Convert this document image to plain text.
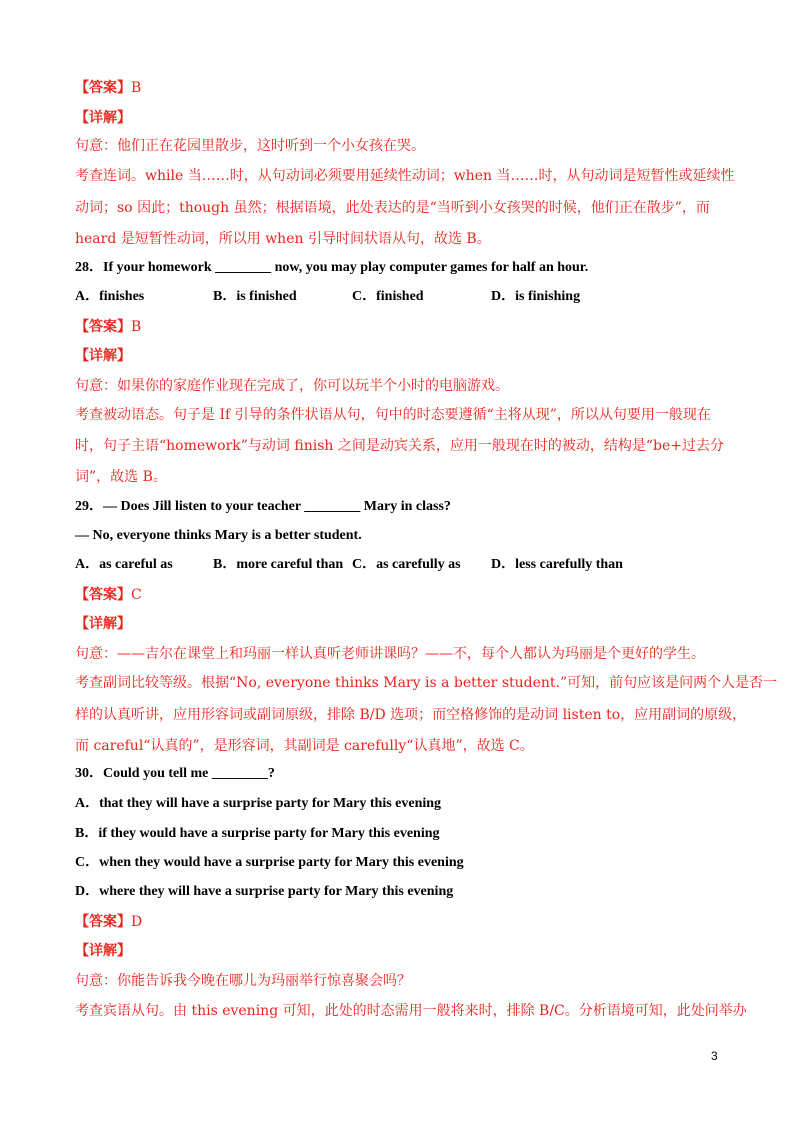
【答案】B
【详解】
句意：他们正在花园里散步，这时听到一个小女孩在哭。
考查连词。while 当……时，从句动词必须要用延续性动词；when 当……时，从句动词是短暂性或延续性
动词；so 因此；though 虽然；根据语境，此处表达的是“当听到小女孩哭的时候，他们正在散步”，而
heard 是短暂性动词，所以用 when 引导时间状语从句，故选 B。
28．If your homework ________ now, you may play computer games for half an hour.
A．finishes	B．is finished	C．finished	D．is finishing
【答案】B
【详解】
句意：如果你的家庭作业现在完成了，你可以玩半个小时的电脑游戏。
考查被动语态。句子是 If 引导的条件状语从句，句中的时态要遵循“主将从现”，所以从句要用一般现在
时，句子主语“homework”与动词 finish 之间是动宾关系，应用一般现在时的被动，结构是“be+过去分
词”，故选 B。
29．— Does Jill listen to your teacher ________ Mary in class?
— No, everyone thinks Mary is a better student.
A．as careful as	B．more careful than C．as carefully as D．less carefully than
【答案】C
【详解】
句意：——吉尔在课堂上和玛丽一样认真听老师讲课吗？——不，每个人都认为玛丽是个更好的学生。
考查副词比较等级。根据“No, everyone thinks Mary is a better student.”可知，前句应该是问两个人是否一
样的认真听讲，应用形容词或副词原级，排除 B/D 选项；而空格修饰的是动词 listen to，应用副词的原级，
而 careful“认真的”，是形容词，其副词是 carefully“认真地”，故选 C。
30．Could you tell me ________?
A．that they will have a surprise party for Mary this evening
B．if they would have a surprise party for Mary this evening
C．when they would have a surprise party for Mary this evening
D．where they will have a surprise party for Mary this evening
【答案】D
【详解】
句意：你能告诉我今晚在哪儿为玛丽举行惊喜聚会吗？
考查宾语从句。由 this evening 可知，此处的时态需用一般将来时，排除 B/C。分析语境可知，此处问举办
3
